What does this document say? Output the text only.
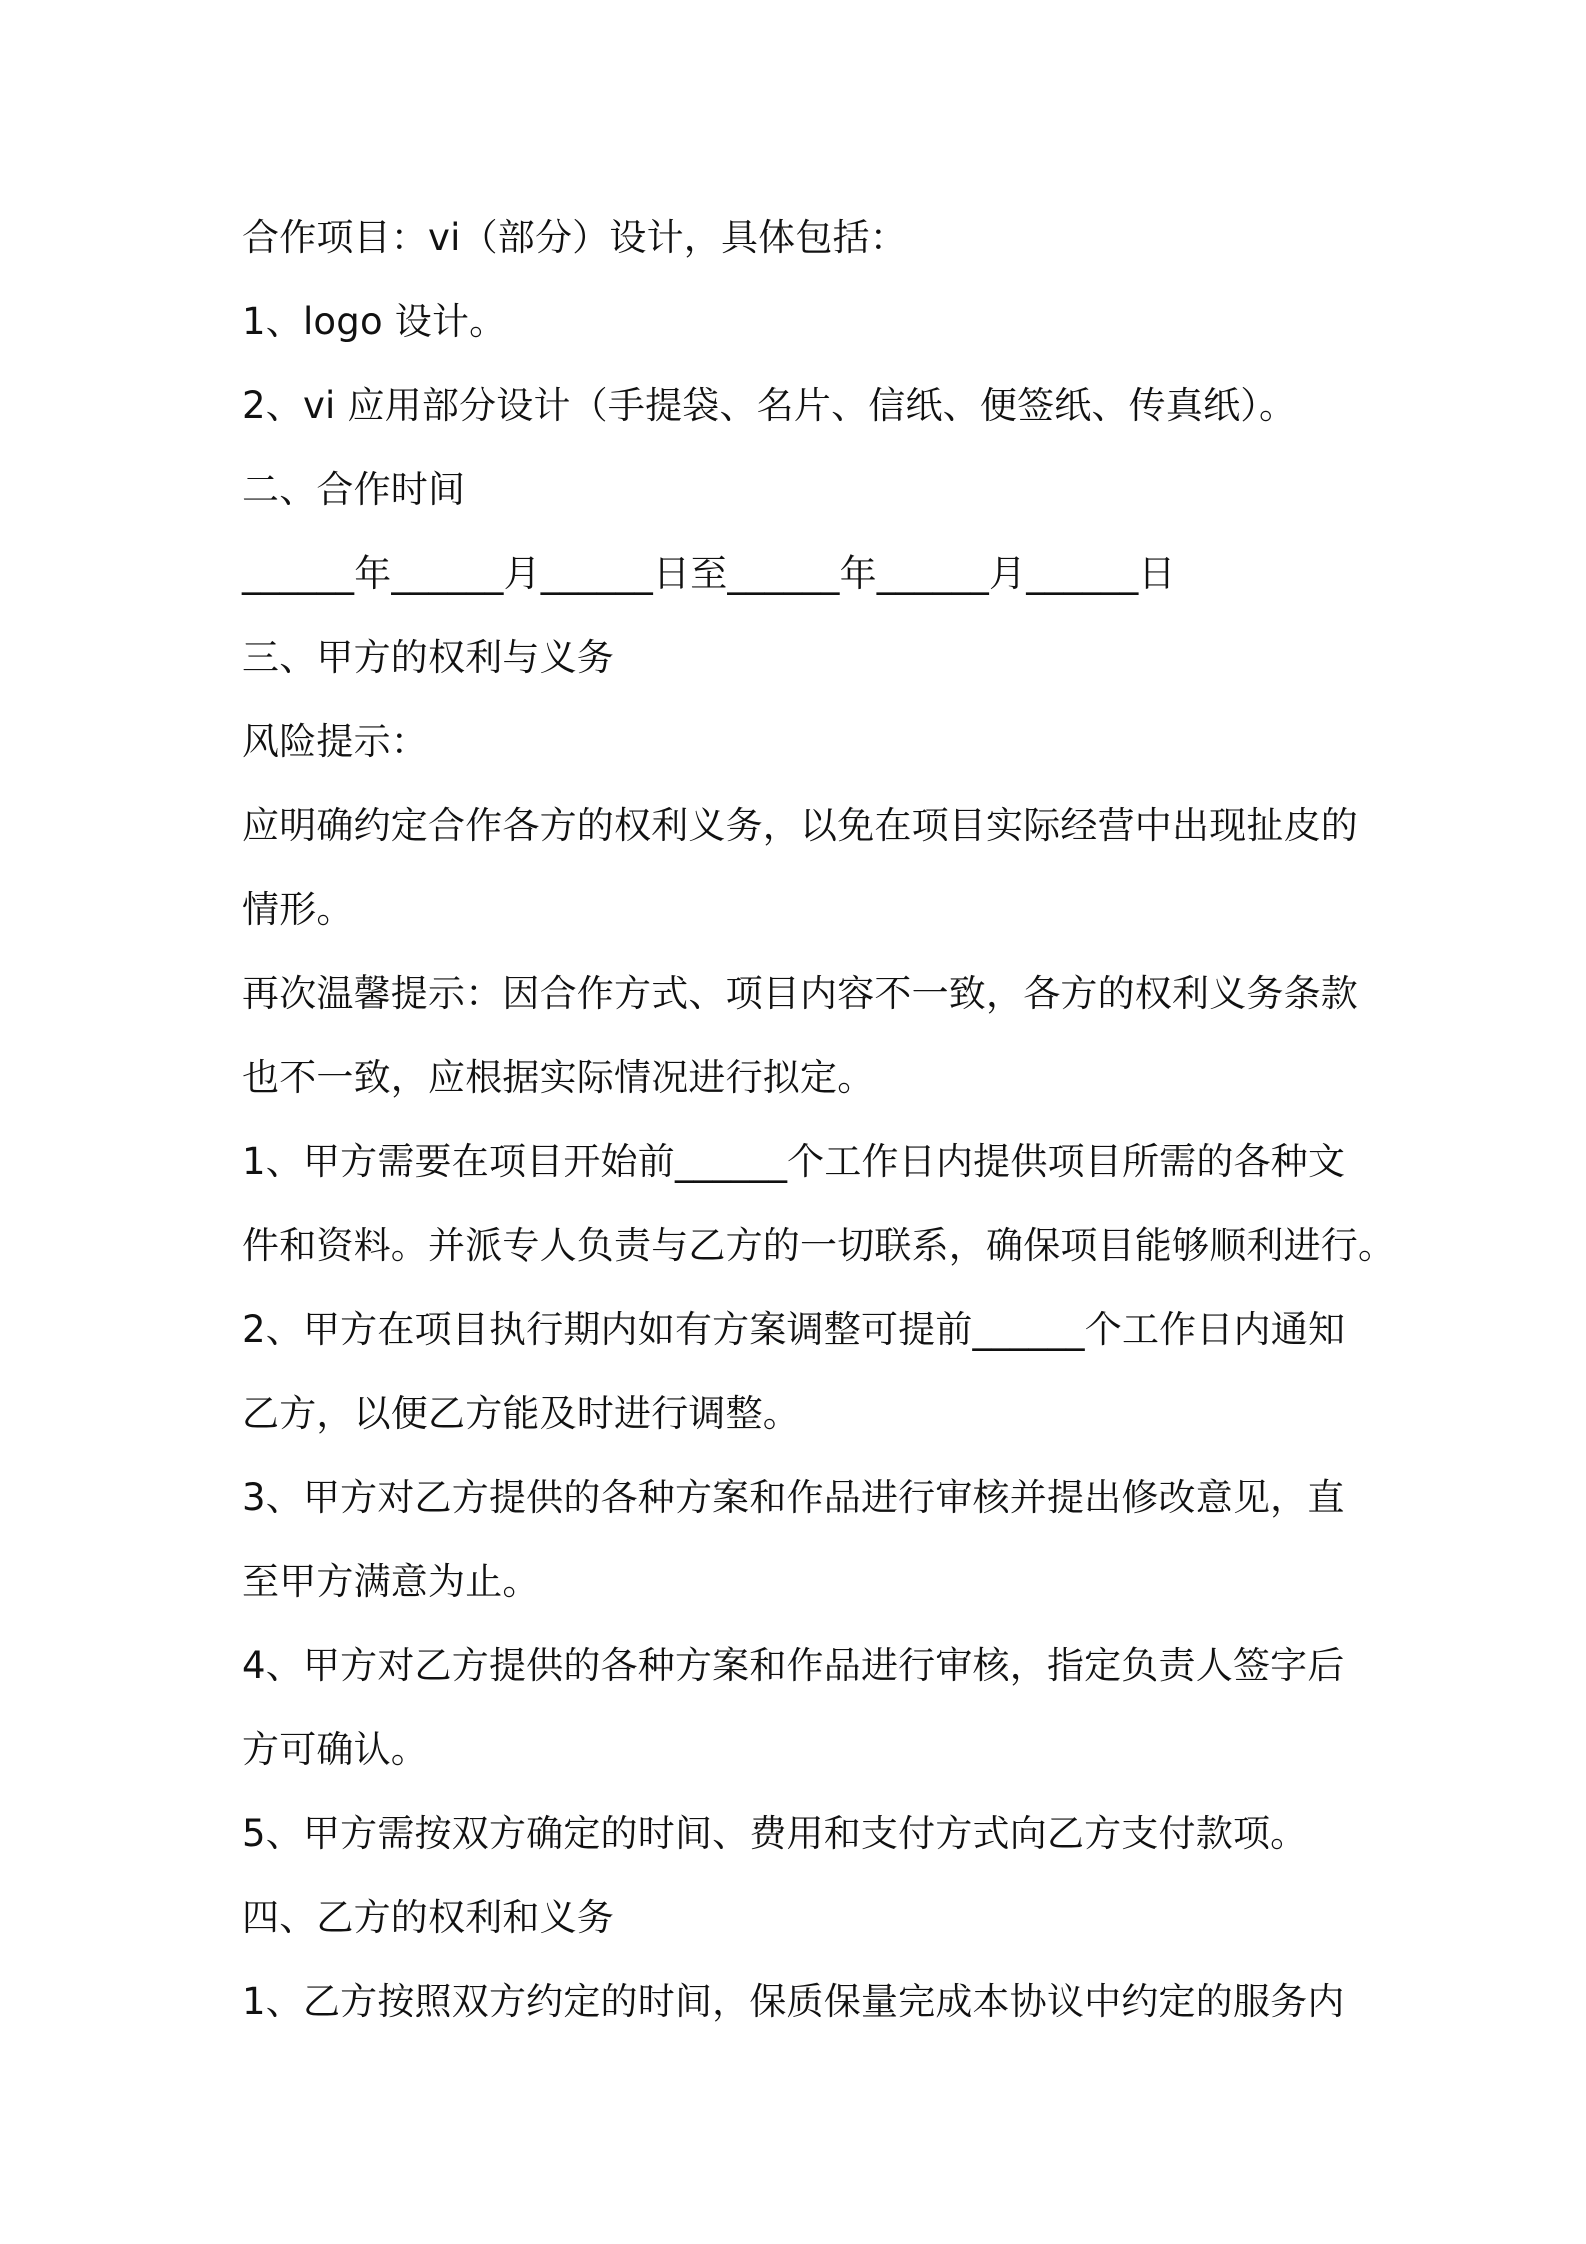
合作项目：vi（部分）设计，具体包括：
1、logo 设计。
2、vi 应用部分设计（手提袋、名片、信纸、便签纸、传真纸）。
二、合作时间
______年______月______日至______年______月______日
三、甲方的权利与义务
风险提示：
应明确约定合作各方的权利义务，以免在项目实际经营中出现扯皮的
情形。
再次温馨提示：因合作方式、项目内容不一致，各方的权利义务条款
也不一致，应根据实际情况进行拟定。
1、甲方需要在项目开始前______个工作日内提供项目所需的各种文
件和资料。并派专人负责与乙方的一切联系，确保项目能够顺利进行。
2、甲方在项目执行期内如有方案调整可提前______个工作日内通知
乙方，以便乙方能及时进行调整。
3、甲方对乙方提供的各种方案和作品进行审核并提出修改意见，直
至甲方满意为止。
4、甲方对乙方提供的各种方案和作品进行审核，指定负责人签字后
方可确认。
5、甲方需按双方确定的时间、费用和支付方式向乙方支付款项。
四、乙方的权利和义务
1、乙方按照双方约定的时间，保质保量完成本协议中约定的服务内
